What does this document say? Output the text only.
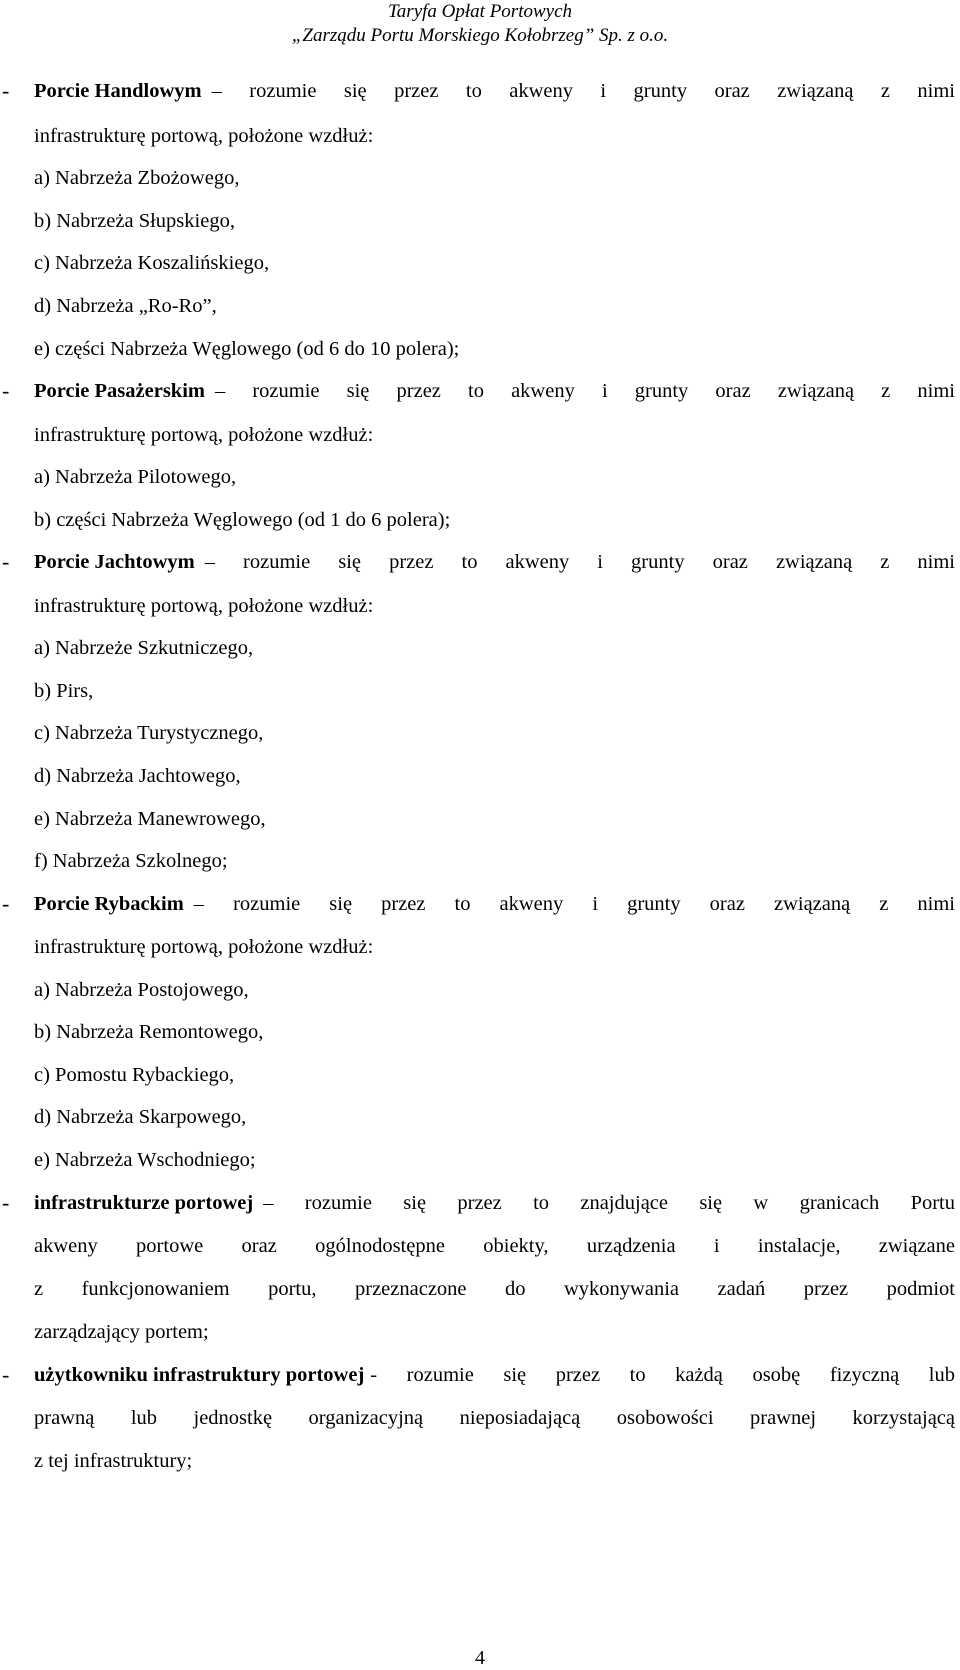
Taryfa Opłat Portowych
„Zarządu Portu Morskiego Kołobrzeg” Sp. z o.o.
- Porcie Handlowym – rozumie się przez to akweny i grunty oraz związaną z nimi
infrastrukturę portową, położone wzdłuż:
a) Nabrzeża Zbożowego,
b) Nabrzeża Słupskiego,
c) Nabrzeża Koszalińskiego,
d) Nabrzeża „Ro-Ro”,
e) części Nabrzeża Węglowego (od 6 do 10 polera);
- Porcie Pasażerskim – rozumie się przez to akweny i grunty oraz związaną z nimi
infrastrukturę portową, położone wzdłuż:
a) Nabrzeża Pilotowego,
b) części Nabrzeża Węglowego (od 1 do 6 polera);
- Porcie Jachtowym – rozumie się przez to akweny i grunty oraz związaną z nimi
infrastrukturę portową, położone wzdłuż:
a) Nabrzeże Szkutniczego,
b) Pirs,
c) Nabrzeża Turystycznego,
d) Nabrzeża Jachtowego,
e) Nabrzeża Manewrowego,
f) Nabrzeża Szkolnego;
- Porcie Rybackim – rozumie się przez to akweny i grunty oraz związaną z nimi
infrastrukturę portową, położone wzdłuż:
a) Nabrzeża Postojowego,
b) Nabrzeża Remontowego,
c) Pomostu Rybackiego,
d) Nabrzeża Skarpowego,
e) Nabrzeża Wschodniego;
- infrastrukturze portowej – rozumie się przez to znajdujące się w granicach Portu
akweny portowe oraz ogólnodostępne obiekty, urządzenia i instalacje, związane
z funkcjonowaniem portu, przeznaczone do wykonywania zadań przez podmiot
zarządzający portem;
- użytkowniku infrastruktury portowej - rozumie się przez to każdą osobę fizyczną lub
prawną lub jednostkę organizacyjną nieposiadającą osobowości prawnej korzystającą
z tej infrastruktury;
4
